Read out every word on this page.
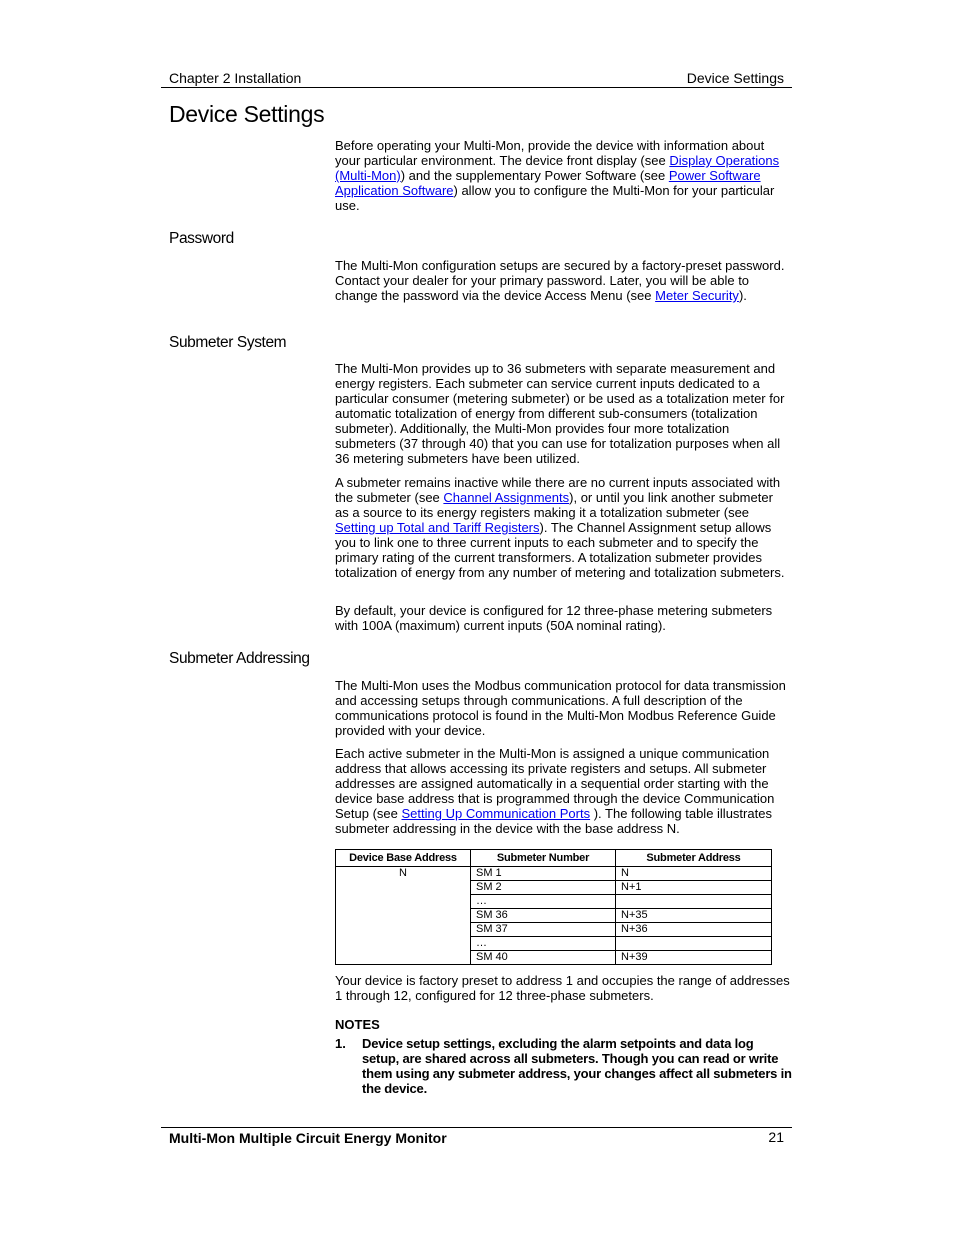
Chapter 2 Installation	Device Settings
Device Settings
Before operating your Multi-Mon, provide the device with information about your particular environment. The device front display (see Display Operations (Multi-Mon)) and the supplementary Power Software (see Power Software Application Software) allow you to configure the Multi-Mon for your particular use.
Password
The Multi-Mon configuration setups are secured by a factory-preset password. Contact your dealer for your primary password. Later, you will be able to change the password via the device Access Menu (see Meter Security).
Submeter System
The Multi-Mon provides up to 36 submeters with separate measurement and energy registers. Each submeter can service current inputs dedicated to a particular consumer (metering submeter) or be used as a totalization meter for automatic totalization of energy from different sub-consumers (totalization submeter). Additionally, the Multi-Mon provides four more totalization submeters (37 through 40) that you can use for totalization purposes when all 36 metering submeters have been utilized.
A submeter remains inactive while there are no current inputs associated with the submeter (see Channel Assignments), or until you link another submeter as a source to its energy registers making it a totalization submeter (see Setting up Total and Tariff Registers). The Channel Assignment setup allows you to link one to three current inputs to each submeter and to specify the primary rating of the current transformers. A totalization submeter provides totalization of energy from any number of metering and totalization submeters.
By default, your device is configured for 12 three-phase metering submeters with 100A (maximum) current inputs (50A nominal rating).
Submeter Addressing
The Multi-Mon uses the Modbus communication protocol for data transmission and accessing setups through communications. A full description of the communications protocol is found in the Multi-Mon Modbus Reference Guide provided with your device.
Each active submeter in the Multi-Mon is assigned a unique communication address that allows accessing its private registers and setups. All submeter addresses are assigned automatically in a sequential order starting with the device base address that is programmed through the device Communication Setup (see Setting Up Communication Ports ). The following table illustrates submeter addressing in the device with the base address N.
Device Base Address	Submeter Number	Submeter Address
N	SM 1	N
	SM 2	N+1
	…	
	SM 36	N+35
	SM 37	N+36
	…	
	SM 40	N+39
Your device is factory preset to address 1 and occupies the range of addresses 1 through 12, configured for 12 three-phase submeters.
NOTES
1. Device setup settings, excluding the alarm setpoints and data log setup, are shared across all submeters. Though you can read or write them using any submeter address, your changes affect all submeters in the device.
Multi-Mon Multiple Circuit Energy Monitor	21
